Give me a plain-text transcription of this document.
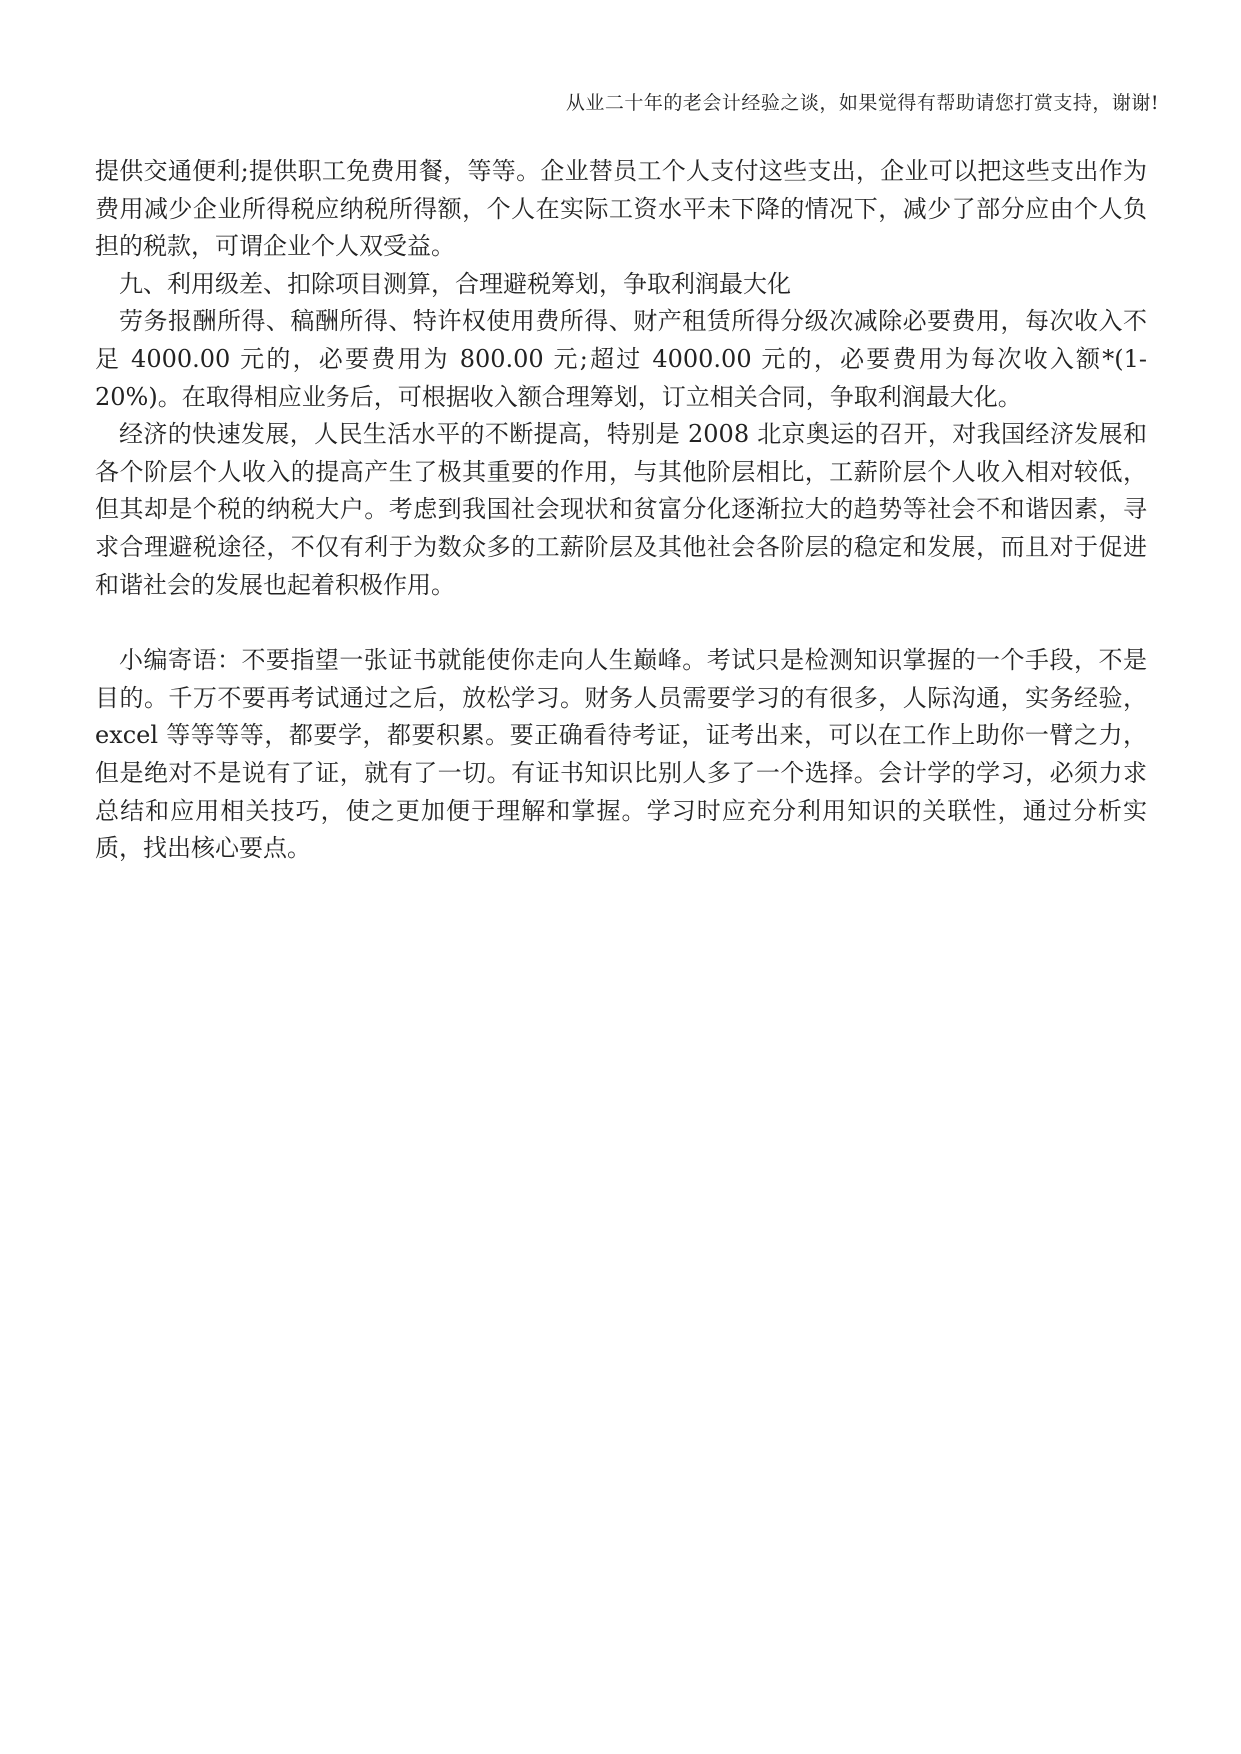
从业二十年的老会计经验之谈，如果觉得有帮助请您打赏支持，谢谢!

提供交通便利;提供职工免费用餐，等等。企业替员工个人支付这些支出，企业可以把这些支出作为费用减少企业所得税应纳税所得额，个人在实际工资水平未下降的情况下，减少了部分应由个人负担的税款，可谓企业个人双受益。

九、利用级差、扣除项目测算，合理避税筹划，争取利润最大化

劳务报酬所得、稿酬所得、特许权使用费所得、财产租赁所得分级次减除必要费用，每次收入不足 4000.00 元的，必要费用为 800.00 元;超过 4000.00 元的，必要费用为每次收入额*(1-20%)。在取得相应业务后，可根据收入额合理筹划，订立相关合同，争取利润最大化。

经济的快速发展，人民生活水平的不断提高，特别是 2008 北京奥运的召开，对我国经济发展和各个阶层个人收入的提高产生了极其重要的作用，与其他阶层相比，工薪阶层个人收入相对较低，但其却是个税的纳税大户。考虑到我国社会现状和贫富分化逐渐拉大的趋势等社会不和谐因素，寻求合理避税途径，不仅有利于为数众多的工薪阶层及其他社会各阶层的稳定和发展，而且对于促进和谐社会的发展也起着积极作用。

小编寄语：不要指望一张证书就能使你走向人生巅峰。考试只是检测知识掌握的一个手段，不是目的。千万不要再考试通过之后，放松学习。财务人员需要学习的有很多，人际沟通，实务经验，excel 等等等等，都要学，都要积累。要正确看待考证，证考出来，可以在工作上助你一臂之力，但是绝对不是说有了证，就有了一切。有证书知识比别人多了一个选择。会计学的学习，必须力求总结和应用相关技巧，使之更加便于理解和掌握。学习时应充分利用知识的关联性，通过分析实质，找出核心要点。
